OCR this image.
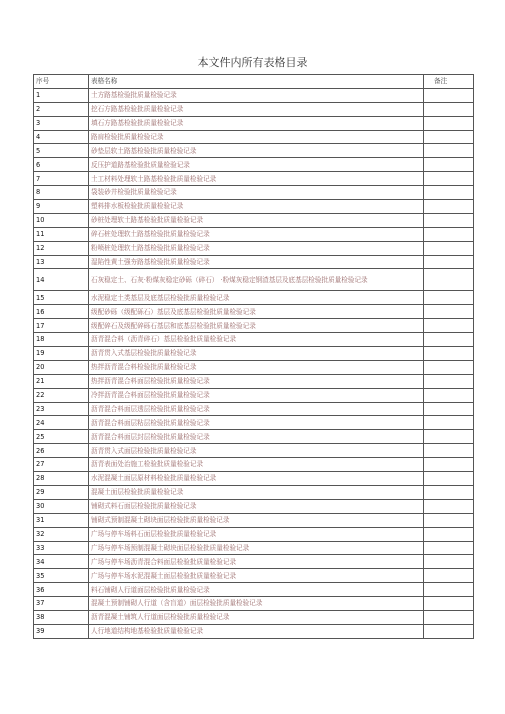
本文件内所有表格目录
序号	表格名称	备注
1	土方路基检验批质量检验记录	
2	挖石方路基检验批质量检验记录	
3	填石方路基检验批质量检验记录	
4	路肩检验批质量检验记录	
5	砂垫层软土路基检验批质量检验记录	
6	反压护道路基检验批质量检验记录	
7	土工材料处理软土路基检验批质量检验记录	
8	袋装砂井检验批质量检验记录	
9	塑料排水板检验批质量检验记录	
10	砂桩处理软土路基检验批质量检验记录	
11	碎石桩处理软土路基检验批质量检验记录	
12	粉喷桩处理软土路基检验批质量检验记录	
13	湿陷性黄土强夯路基检验批质量检验记录	
14	石灰稳定土、石灰·粉煤灰稳定砂砾（碎石） ·粉煤灰稳定钢渣基层及底基层检验批质量检验记录	
15	水泥稳定土类基层及底基层检验批质量检验记录	
16	级配砂砾（级配砾石）基层及底基层检验批质量检验记录	
17	级配碎石及级配碎砾石基层和底基层检验批质量检验记录	
18	沥青混合料（沥青碎石）基层检验批质量检验记录	
19	沥青贯入式基层检验批质量检验记录	
20	热拌沥青混合料检验批质量检验记录	
21	热拌沥青混合料面层检验批质量检验记录	
22	冷拌沥青混合料面层检验批质量检验记录	
23	沥青混合料面层透层检验批质量检验记录	
24	沥青混合料面层粘层检验批质量检验记录	
25	沥青混合料面层封层检验批质量检验记录	
26	沥青贯入式面层检验批质量检验记录	
27	沥青表面处治施工检验批质量检验记录	
28	水泥混凝土面层原材料检验批质量检验记录	
29	混凝土面层检验批质量检验记录	
30	铺砌式料石面层检验批质量检验记录	
31	铺砌式预制混凝土砌块面层检验批质量检验记录	
32	广场与停车场料石面层检验批质量检验记录	
33	广场与停车场预制混凝土砌块面层检验批质量检验记录	
34	广场与停车场沥青混合料面层检验批质量检验记录	
35	广场与停车场水泥混凝土面层检验批质量检验记录	
36	料石铺砌人行道面层检验批质量检验记录	
37	混凝土预制铺砌人行道（含盲道）面层检验批质量检验记录	
38	沥青混凝土铺筑人行道面层检验批质量检验记录	
39	人行地道结构地基检验批质量检验记录	
